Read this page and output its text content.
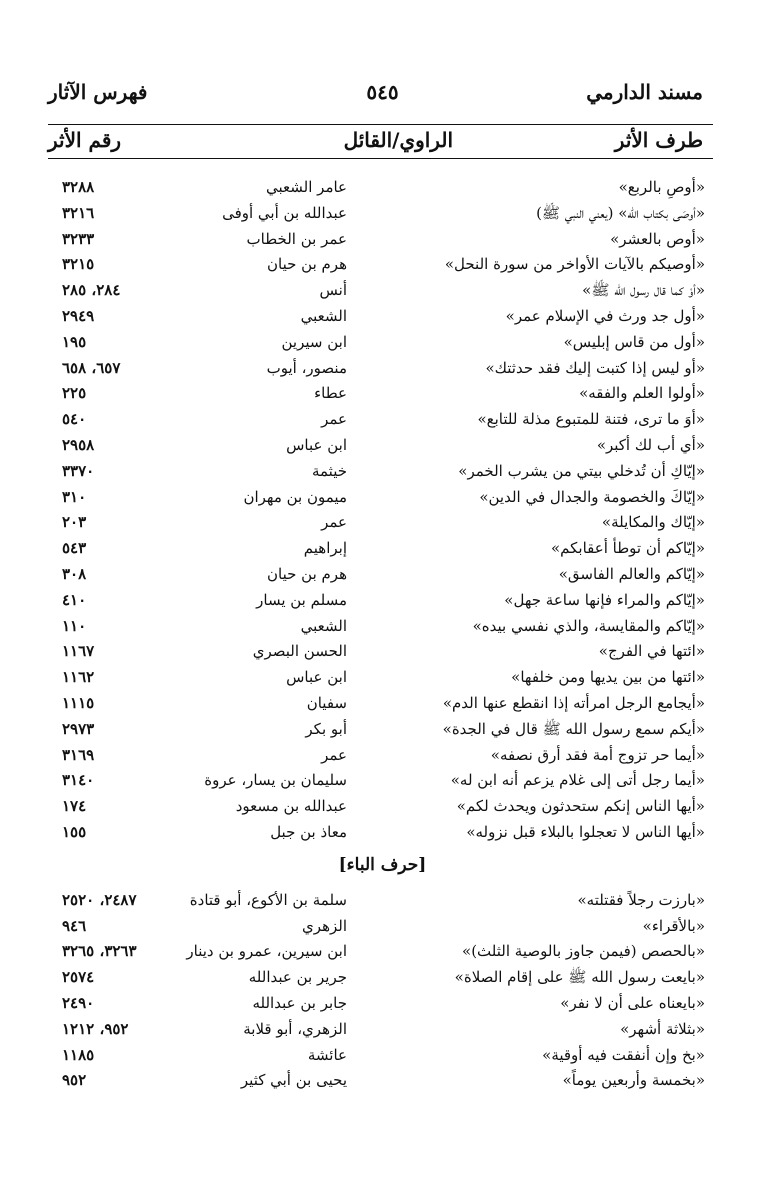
مسند الدارمي
٥٤٥
فهرس الآثار
طرف الأثر
الراوي/القائل
رقم الأثر
«أوصِ بالربع»
عامر الشعبي
٣٢٨٨
«أوصَى بكتاب الله» (يعني النبي ﷺ)
عبدالله بن أبي أوفى
٣٢١٦
«أوص بالعشر»
عمر بن الخطاب
٣٢٣٣
«أوصيكم بالآيات الأواخر من سورة النحل»
هرم بن حيان
٣٢١٥
«أوْ كما قال رسول الله ﷺ»
أنس
٢٨٤، ٢٨٥
«أول جد ورث في الإسلام عمر»
الشعبي
٢٩٤٩
«أول من قاس إبليس»
ابن سيرين
١٩٥
«أو ليس إذا كتبت إليك فقد حدثتك»
منصور، أيوب
٦٥٧، ٦٥٨
«أولوا العلم والفقه»
عطاء
٢٢٥
«أوَ ما ترى، فتنة للمتبوع مذلة للتابع»
عمر
٥٤٠
«أي أب لك أكبر»
ابن عباس
٢٩٥٨
«إيّاكِ أن تُدخلي بيتي من يشرب الخمر»
خيثمة
٣٣٧٠
«إيّاكَ والخصومة والجدال في الدين»
ميمون بن مهران
٣١٠
«إيّاك والمكايلة»
عمر
٢٠٣
«إيّاكم أن توطأ أعقابكم»
إبراهيم
٥٤٣
«إيّاكم والعالم الفاسق»
هرم بن حيان
٣٠٨
«إيّاكم والمراء فإنها ساعة جهل»
مسلم بن يسار
٤١٠
«إيّاكم والمقايسة، والذي نفسي بيده»
الشعبي
١١٠
«ائتها في الفرج»
الحسن البصري
١١٦٧
«ائتها من بين يديها ومن خلفها»
ابن عباس
١١٦٢
«أيجامع الرجل امرأته إذا انقطع عنها الدم»
سفيان
١١١٥
«أيكم سمع رسول الله ﷺ قال في الجدة»
أبو بكر
٢٩٧٣
«أيما حر تزوج أمة فقد أرق نصفه»
عمر
٣١٦٩
«أيما رجل أتى إلى غلام يزعم أنه ابن له»
سليمان بن يسار، عروة
٣١٤٠
«أيها الناس إنكم ستحدثون ويحدث لكم»
عبدالله بن مسعود
١٧٤
«أيها الناس لا تعجلوا بالبلاء قبل نزوله»
معاذ بن جبل
١٥٥
[حرف الباء]
«بارزت رجلاً فقتلته»
سلمة بن الأكوع، أبو قتادة
٢٤٨٧، ٢٥٢٠
«بالأقراء»
الزهري
٩٤٦
«بالحصص (فيمن جاوز بالوصية الثلث)»
ابن سيرين، عمرو بن دينار
٣٢٦٣، ٣٢٦٥
«بايعت رسول الله ﷺ على إقام الصلاة»
جرير بن عبدالله
٢٥٧٤
«بايعناه على أن لا نفر»
جابر بن عبدالله
٢٤٩٠
«بثلاثة أشهر»
الزهري، أبو قلابة
٩٥٢، ١٢١٢
«بخ وإن أنفقت فيه أوقية»
عائشة
١١٨٥
«بخمسة وأربعين يوماً»
يحيى بن أبي كثير
٩٥٢
